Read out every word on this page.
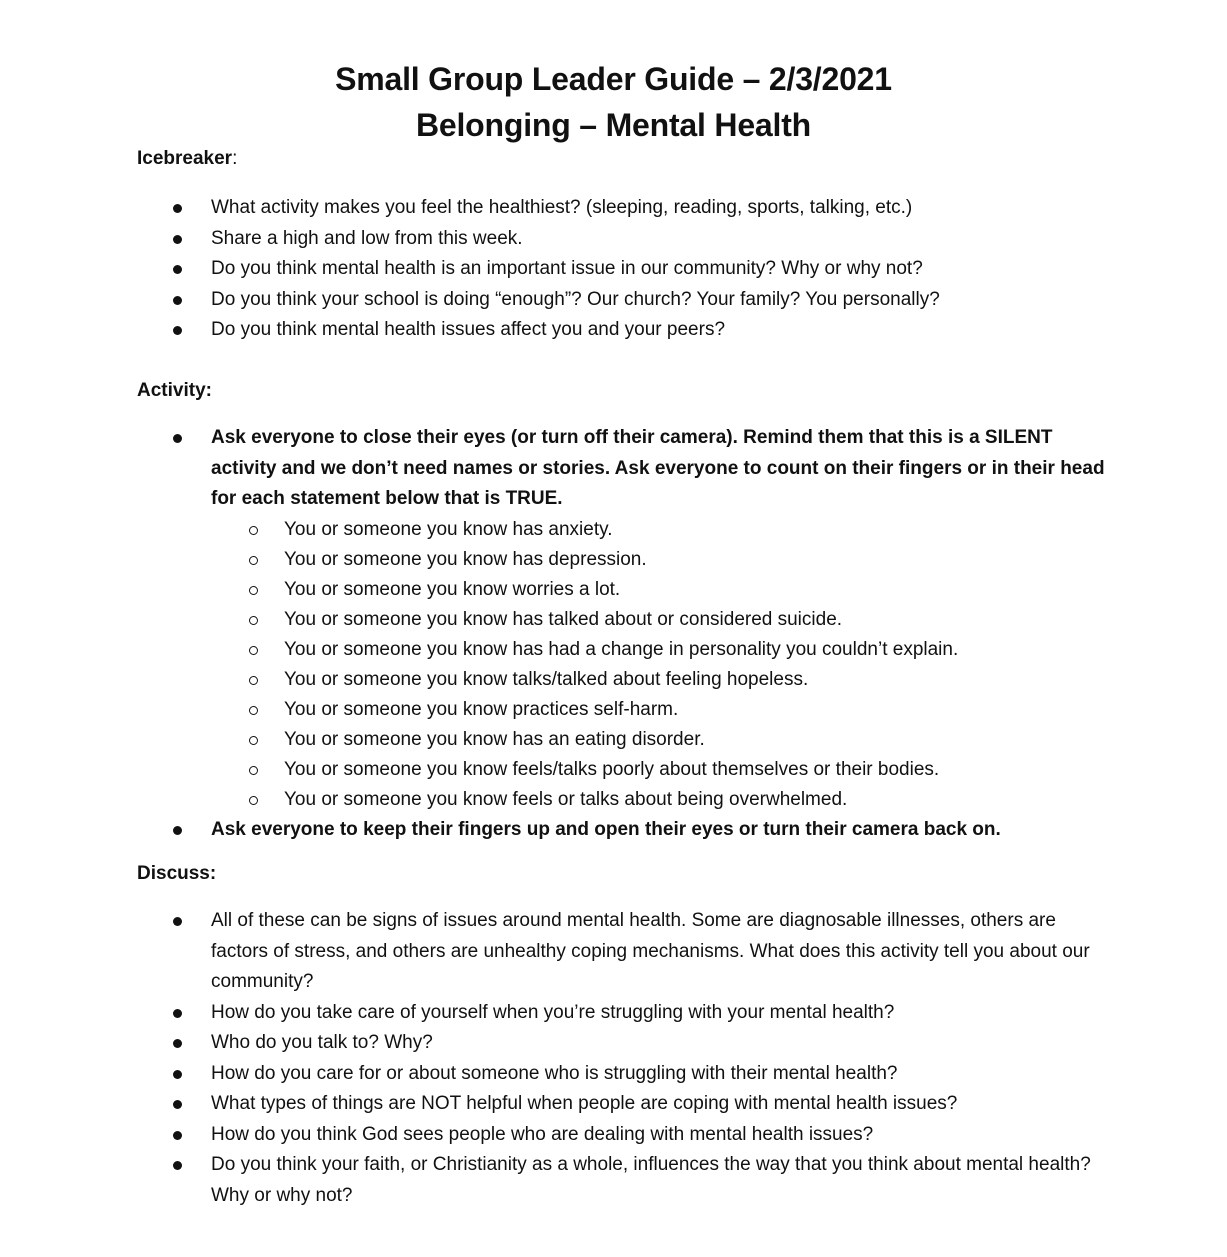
Small Group Leader Guide – 2/3/2021
Belonging – Mental Health
Icebreaker:
What activity makes you feel the healthiest? (sleeping, reading, sports, talking, etc.)
Share a high and low from this week.
Do you think mental health is an important issue in our community? Why or why not?
Do you think your school is doing “enough”? Our church? Your family? You personally?
Do you think mental health issues affect you and your peers?
Activity:
Ask everyone to close their eyes (or turn off their camera). Remind them that this is a SILENT activity and we don’t need names or stories. Ask everyone to count on their fingers or in their head for each statement below that is TRUE.
You or someone you know has anxiety.
You or someone you know has depression.
You or someone you know worries a lot.
You or someone you know has talked about or considered suicide.
You or someone you know has had a change in personality you couldn’t explain.
You or someone you know talks/talked about feeling hopeless.
You or someone you know practices self-harm.
You or someone you know has an eating disorder.
You or someone you know feels/talks poorly about themselves or their bodies.
You or someone you know feels or talks about being overwhelmed.
Ask everyone to keep their fingers up and open their eyes or turn their camera back on.
Discuss:
All of these can be signs of issues around mental health. Some are diagnosable illnesses, others are factors of stress, and others are unhealthy coping mechanisms. What does this activity tell you about our community?
How do you take care of yourself when you’re struggling with your mental health?
Who do you talk to? Why?
How do you care for or about someone who is struggling with their mental health?
What types of things are NOT helpful when people are coping with mental health issues?
How do you think God sees people who are dealing with mental health issues?
Do you think your faith, or Christianity as a whole, influences the way that you think about mental health? Why or why not?
